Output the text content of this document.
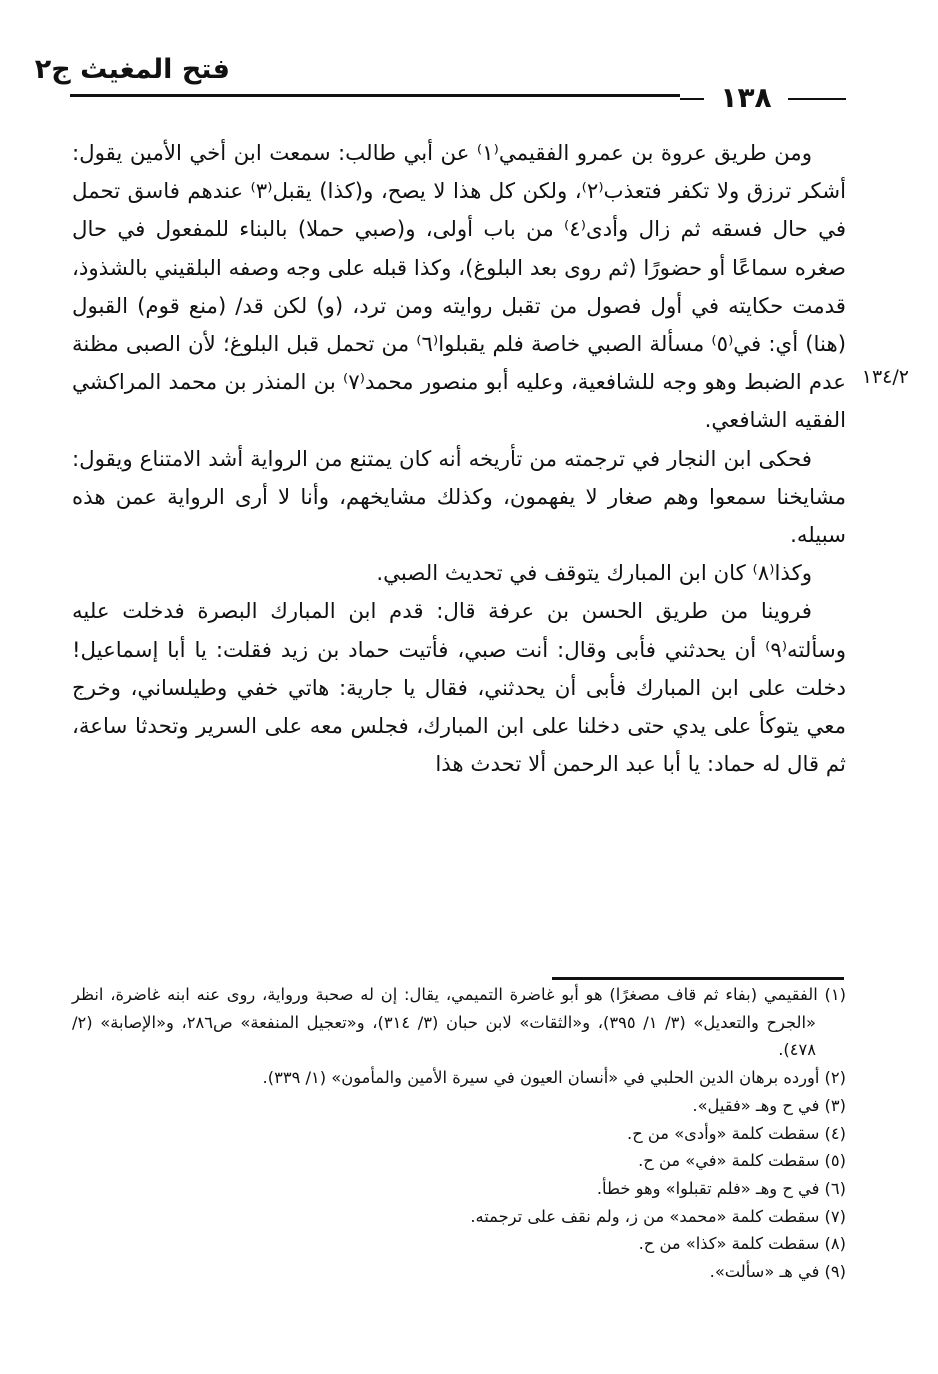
فتح المغيث ج٢
١٣٨
١٣٤/٢

ومن طريق عروة بن عمرو الفقيمي⁽١⁾ عن أبي طالب: سمعت ابن أخي الأمين يقول: أشكر ترزق ولا تكفر فتعذب⁽٢⁾، ولكن كل هذا لا يصح، و(كذا) يقبل⁽٣⁾ عندهم فاسق تحمل في حال فسقه ثم زال وأدى⁽٤⁾ من باب أولى، و(صبي حملا) بالبناء للمفعول في حال صغره سماعًا أو حضورًا (ثم روى بعد البلوغ)، وكذا قبله على وجه وصفه البلقيني بالشذوذ، قدمت حكايته في أول فصول من تقبل روايته ومن ترد، (و) لكن قد/ (منع قوم) القبول (هنا) أي: في⁽٥⁾ مسألة الصبي خاصة فلم يقبلوا⁽٦⁾ من تحمل قبل البلوغ؛ لأن الصبى مظنة عدم الضبط وهو وجه للشافعية، وعليه أبو منصور محمد⁽٧⁾ بن المنذر بن محمد المراكشي الفقيه الشافعي.

فحكى ابن النجار في ترجمته من تأريخه أنه كان يمتنع من الرواية أشد الامتناع ويقول: مشايخنا سمعوا وهم صغار لا يفهمون، وكذلك مشايخهم، وأنا لا أرى الرواية عمن هذه سبيله.

وكذا⁽٨⁾ كان ابن المبارك يتوقف في تحديث الصبي.

فروينا من طريق الحسن بن عرفة قال: قدم ابن المبارك البصرة فدخلت عليه وسألته⁽٩⁾ أن يحدثني فأبى وقال: أنت صبي، فأتيت حماد بن زيد فقلت: يا أبا إسماعيل! دخلت على ابن المبارك فأبى أن يحدثني، فقال يا جارية: هاتي خفي وطيلساني، وخرج معي يتوكأ على يدي حتى دخلنا على ابن المبارك، فجلس معه على السرير وتحدثا ساعة، ثم قال له حماد: يا أبا عبد الرحمن ألا تحدث هذا

(١) الفقيمي (بفاء ثم قاف مصغرًا) هو أبو غاضرة التميمي، يقال: إن له صحبة ورواية، روى عنه ابنه غاضرة، انظر «الجرح والتعديل» (٣/ ١/ ٣٩٥)، و«الثقات» لابن حبان (٣/ ٣١٤)، و«تعجيل المنفعة» ص٢٨٦، و«الإصابة» (٢/ ٤٧٨).

(٢) أورده برهان الدين الحلبي في «أنسان العيون في سيرة الأمين والمأمون» (١/ ٣٣٩).

(٣) في ح وهـ «فقيل».

(٤) سقطت كلمة «وأدى» من ح.

(٥) سقطت كلمة «في» من ح.

(٦) في ح وهـ «فلم تقبلوا» وهو خطأ.

(٧) سقطت كلمة «محمد» من ز، ولم نقف على ترجمته.

(٨) سقطت كلمة «كذا» من ح.

(٩) في هـ «سألت».
